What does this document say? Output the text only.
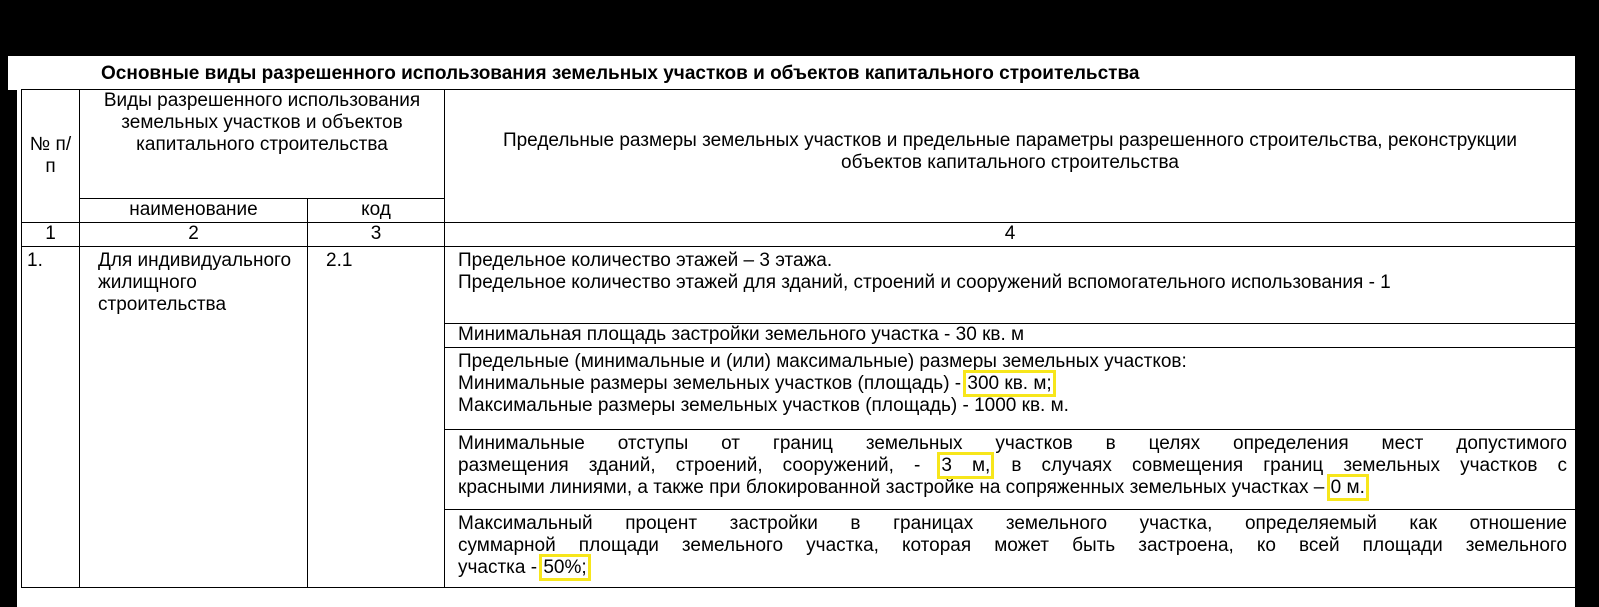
Основные виды разрешенного использования земельных участков и объектов капитального строительства
№ п/п	Виды разрешенного использования земельных участков и объектов капитального строительства		Предельные размеры земельных участков и предельные параметры разрешенного строительства, реконструкции объектов капитального строительства
	наименование	код	
1	2	3	4
1.	Для индивидуального жилищного строительства	2.1	Предельное количество этажей – 3 этажа.
Предельное количество этажей для зданий, строений и сооружений вспомогательного использования - 1

			Минимальная площадь застройки земельного участка - 30 кв. м

			Предельные (минимальные и (или) максимальные) размеры земельных участков:
Минимальные размеры земельных участков (площадь) - 300 кв. м;
Максимальные размеры земельных участков (площадь) - 1000 кв. м.

			Минимальные отступы от границ земельных участков в целях определения мест допустимого
размещения зданий, строений, сооружений, - 3 м, в случаях совмещения границ земельных участков с
красными линиями, а также при блокированной застройке на сопряженных земельных участках – 0 м.

			Максимальный процент застройки в границах земельного участка, определяемый как отношение
суммарной площади земельного участка, которая может быть застроена, ко всей площади земельного
участка - 50%;
